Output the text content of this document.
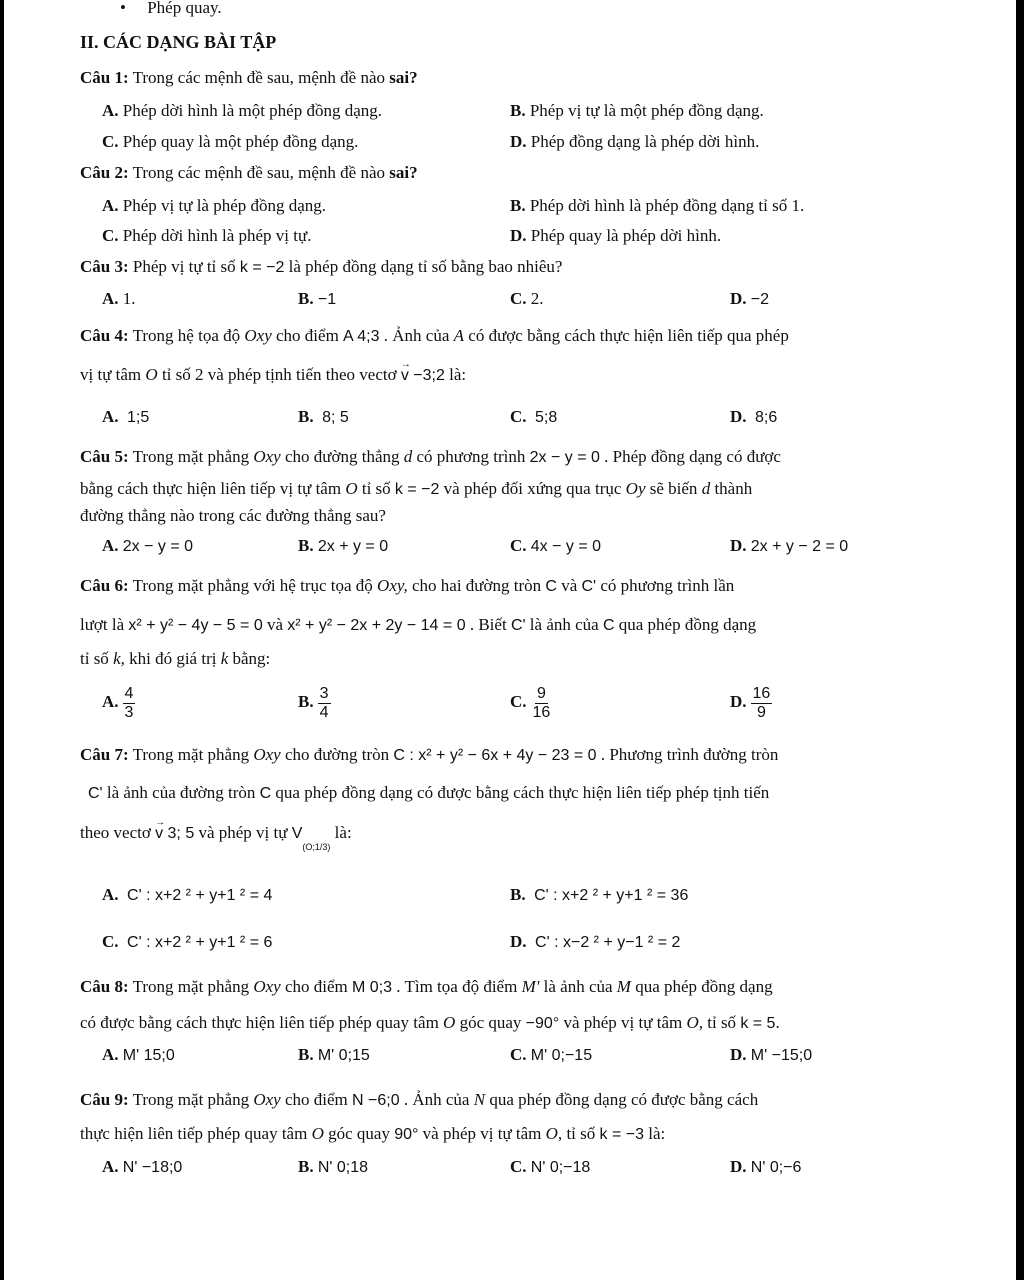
•     Phép quay.
II. CÁC DẠNG BÀI TẬP
Câu 1: Trong các mệnh đề sau, mệnh đề nào sai?
A. Phép dời hình là một phép đồng dạng.	B. Phép vị tự là một phép đồng dạng.
C. Phép quay là một phép đồng dạng.	D. Phép đồng dạng là phép dời hình.
Câu 2: Trong các mệnh đề sau, mệnh đề nào sai?
A. Phép vị tự là phép đồng dạng.	B. Phép dời hình là phép đồng dạng tỉ số 1.
C. Phép dời hình là phép vị tự.	D. Phép quay là phép dời hình.
Câu 3: Phép vị tự tỉ số k = −2 là phép đồng dạng tỉ số bằng bao nhiêu?
A. 1.	B. −1	C. 2.	D. −2
Câu 4: Trong hệ tọa độ Oxy cho điểm A 4;3 . Ảnh của A có được bằng cách thực hiện liên tiếp qua phép
vị tự tâm O tỉ số 2 và phép tịnh tiến theo vectơ → v −3;2 là:
A. 1;5	B. 8; 5	C. 5;8	D. 8;6
Câu 5: Trong mặt phẳng Oxy cho đường thẳng d có phương trình 2x − y = 0 . Phép đồng dạng có được
bằng cách thực hiện liên tiếp vị tự tâm O tỉ số k = −2 và phép đối xứng qua trục Oy sẽ biến d thành
đường thẳng nào trong các đường thẳng sau?
A. 2x − y = 0	B. 2x + y = 0	C. 4x − y = 0	D. 2x + y − 2 = 0
Câu 6: Trong mặt phẳng với hệ trục tọa độ Oxy, cho hai đường tròn C và C' có phương trình lần
lượt là x² + y² − 4y − 5 = 0 và x² + y² − 2x + 2y − 14 = 0 . Biết C' là ảnh của C qua phép đồng dạng
tỉ số k, khi đó giá trị k bằng:
A. $\frac{4}{3}$	B. $\frac{3}{4}$	C. $\frac{9}{16}$	D. $\frac{16}{9}$
Câu 7: Trong mặt phẳng Oxy cho đường tròn C : x² + y² − 6x + 4y − 23 = 0 . Phương trình đường tròn
C' là ảnh của đường tròn C qua phép đồng dạng có được bằng cách thực hiện liên tiếp phép tịnh tiến
theo vectơ → v 3; 5 và phép vị tự $V_{(O;1/3)}$ là:
A. C' : x+2 ² + y+1 ² = 4	B. C' : x+2 ² + y+1 ² = 36
C. C' : x+2 ² + y+1 ² = 6	D. C' : x−2 ² + y−1 ² = 2
Câu 8: Trong mặt phẳng Oxy cho điểm M 0;3 . Tìm tọa độ điểm M' là ảnh của M qua phép đồng dạng
có được bằng cách thực hiện liên tiếp phép quay tâm O góc quay −90° và phép vị tự tâm O, tỉ số k = 5.
A. M' 15;0	B. M' 0;15	C. M' 0;−15	D. M' −15;0
Câu 9: Trong mặt phẳng Oxy cho điểm N −6;0 . Ảnh của N qua phép đồng dạng có được bằng cách
thực hiện liên tiếp phép quay tâm O góc quay 90° và phép vị tự tâm O, tỉ số k = −3 là:
A. N' −18;0	B. N' 0;18	C. N' 0;−18	D. N' 0;−6
